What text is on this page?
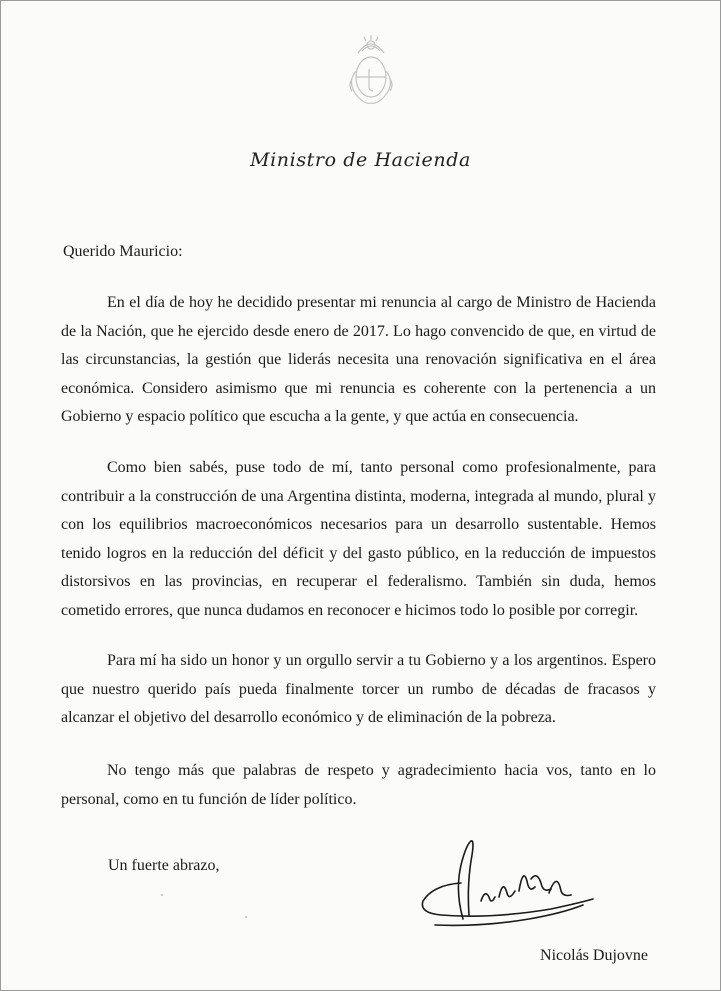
Ministro de Hacienda
Querido Mauricio:

En el día de hoy he decidido presentar mi renuncia al cargo de Ministro de Hacienda de la Nación, que he ejercido desde enero de 2017. Lo hago convencido de que, en virtud de las circunstancias, la gestión que liderás necesita una renovación significativa en el área económica. Considero asimismo que mi renuncia es coherente con la pertenencia a un Gobierno y espacio político que escucha a la gente, y que actúa en consecuencia.

Como bien sabés, puse todo de mí, tanto personal como profesionalmente, para contribuir a la construcción de una Argentina distinta, moderna, integrada al mundo, plural y con los equilibrios macroeconómicos necesarios para un desarrollo sustentable. Hemos tenido logros en la reducción del déficit y del gasto público, en la reducción de impuestos distorsivos en las provincias, en recuperar el federalismo. También sin duda, hemos cometido errores, que nunca dudamos en reconocer e hicimos todo lo posible por corregir.

Para mí ha sido un honor y un orgullo servir a tu Gobierno y a los argentinos. Espero que nuestro querido país pueda finalmente torcer un rumbo de décadas de fracasos y alcanzar el objetivo del desarrollo económico y de eliminación de la pobreza.

No tengo más que palabras de respeto y agradecimiento hacia vos, tanto en lo personal, como en tu función de líder político.

Un fuerte abrazo,
Nicolás Dujovne
